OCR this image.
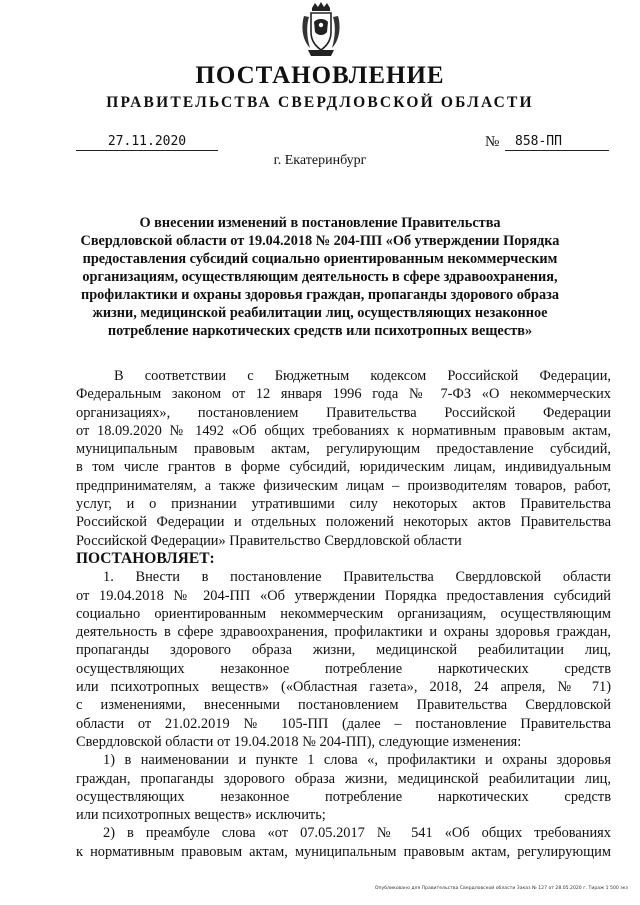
ПОСТАНОВЛЕНИЕ
ПРАВИТЕЛЬСТВА СВЕРДЛОВСКОЙ ОБЛАСТИ
27.11.2020	№	858-ПП
г. Екатеринбург
О внесении изменений в постановление Правительства
Свердловской области от 19.04.2018 № 204-ПП «Об утверждении Порядка
предоставления субсидий социально ориентированным некоммерческим
организациям, осуществляющим деятельность в сфере здравоохранения,
профилактики и охраны здоровья граждан, пропаганды здорового образа
жизни, медицинской реабилитации лиц, осуществляющих незаконное
потребление наркотических средств или психотропных веществ»
В соответствии с Бюджетным кодексом Российской Федерации,
Федеральным законом от 12 января 1996 года № 7-ФЗ «О некоммерческих
организациях», постановлением Правительства Российской Федерации
от 18.09.2020 № 1492 «Об общих требованиях к нормативным правовым актам,
муниципальным правовым актам, регулирующим предоставление субсидий,
в том числе грантов в форме субсидий, юридическим лицам, индивидуальным
предпринимателям, а также физическим лицам – производителям товаров, работ,
услуг, и о признании утратившими силу некоторых актов Правительства
Российской Федерации и отдельных положений некоторых актов Правительства
Российской Федерации» Правительство Свердловской области
ПОСТАНОВЛЯЕТ:
1. Внести в постановление Правительства Свердловской области
от 19.04.2018 № 204-ПП «Об утверждении Порядка предоставления субсидий
социально ориентированным некоммерческим организациям, осуществляющим
деятельность в сфере здравоохранения, профилактики и охраны здоровья граждан,
пропаганды здорового образа жизни, медицинской реабилитации лиц,
осуществляющих незаконное потребление наркотических средств
или психотропных веществ» («Областная газета», 2018, 24 апреля, № 71)
с изменениями, внесенными постановлением Правительства Свердловской
области от 21.02.2019 № 105-ПП (далее – постановление Правительства
Свердловской области от 19.04.2018 № 204-ПП), следующие изменения:
1) в наименовании и пункте 1 слова «, профилактики и охраны здоровья
граждан, пропаганды здорового образа жизни, медицинской реабилитации лиц,
осуществляющих незаконное потребление наркотических средств
или психотропных веществ» исключить;
2) в преамбуле слова «от 07.05.2017 № 541 «Об общих требованиях
к нормативным правовым актам, муниципальным правовым актам, регулирующим
Опубликовано для Правительства Свердловской области Заказ № 127 от 28.05.2020 г. Тираж 1 500 экз
